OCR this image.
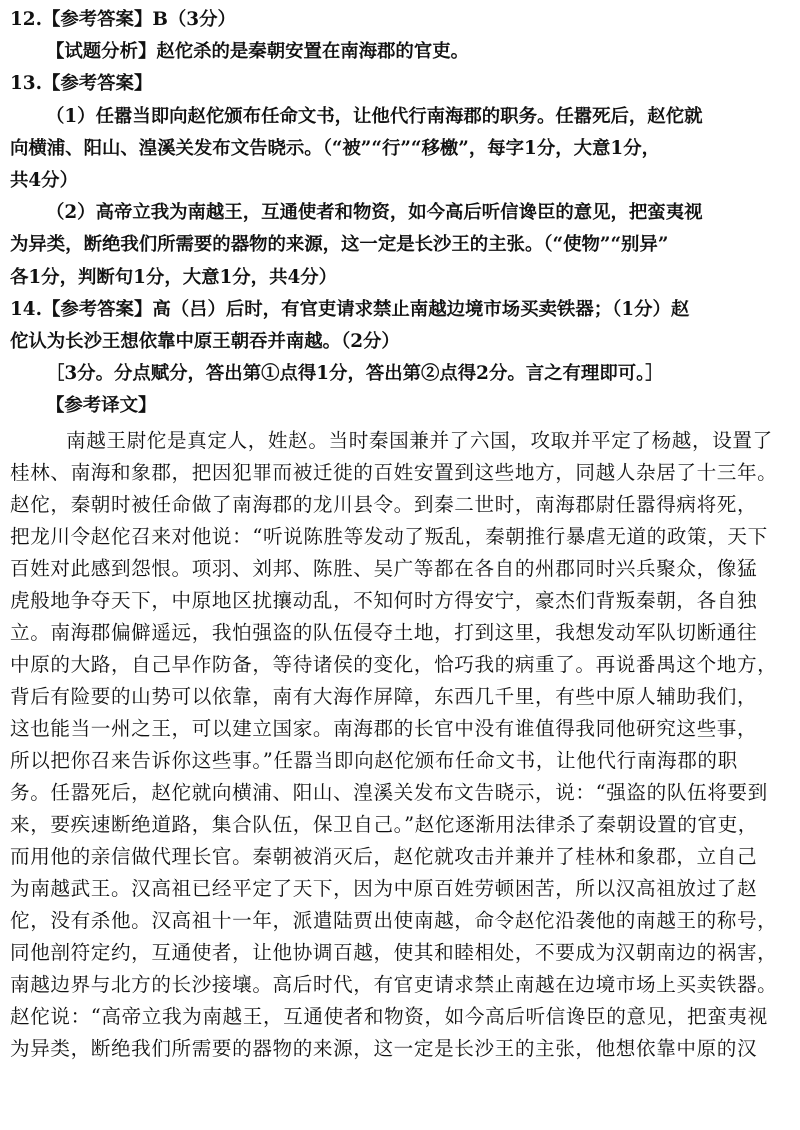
12.【参考答案】B（3分）

【试题分析】赵佗杀的是秦朝安置在南海郡的官吏。

13.【参考答案】

（1）任嚣当即向赵佗颁布任命文书，让他代行南海郡的职务。任嚣死后，赵佗就

向横浦、阳山、湟溪关发布文告晓示。（“被”“行”“移檄”，每字1分，大意1分，

共4分）

（2）高帝立我为南越王，互通使者和物资，如今高后听信谗臣的意见，把蛮夷视

为异类，断绝我们所需要的器物的来源，这一定是长沙王的主张。（“使物”“别异”

各1分，判断句1分，大意1分，共4分）

14.【参考答案】高（吕）后时，有官吏请求禁止南越边境市场买卖铁器；（1分）赵

佗认为长沙王想依靠中原王朝吞并南越。（2分）

［3分。分点赋分，答出第①点得1分，答出第②点得2分。言之有理即可。］

【参考译文】

南越王尉佗是真定人，姓赵。当时秦国兼并了六国，攻取并平定了杨越，设置了

桂林、南海和象郡，把因犯罪而被迁徙的百姓安置到这些地方，同越人杂居了十三年。

赵佗，秦朝时被任命做了南海郡的龙川县令。到秦二世时，南海郡尉任嚣得病将死，

把龙川令赵佗召来对他说：“听说陈胜等发动了叛乱，秦朝推行暴虐无道的政策，天下

百姓对此感到怨恨。项羽、刘邦、陈胜、吴广等都在各自的州郡同时兴兵聚众，像猛

虎般地争夺天下，中原地区扰攘动乱，不知何时方得安宁，豪杰们背叛秦朝，各自独

立。南海郡偏僻遥远，我怕强盗的队伍侵夺土地，打到这里，我想发动军队切断通往

中原的大路，自己早作防备，等待诸侯的变化，恰巧我的病重了。再说番禺这个地方，

背后有险要的山势可以依靠，南有大海作屏障，东西几千里，有些中原人辅助我们，

这也能当一州之王，可以建立国家。南海郡的长官中没有谁值得我同他研究这些事，

所以把你召来告诉你这些事。”任嚣当即向赵佗颁布任命文书，让他代行南海郡的职

务。任嚣死后，赵佗就向横浦、阳山、湟溪关发布文告晓示，说：“强盗的队伍将要到

来，要疾速断绝道路，集合队伍，保卫自己。”赵佗逐渐用法律杀了秦朝设置的官吏，

而用他的亲信做代理长官。秦朝被消灭后，赵佗就攻击并兼并了桂林和象郡，立自己

为南越武王。汉高祖已经平定了天下，因为中原百姓劳顿困苦，所以汉高祖放过了赵

佗，没有杀他。汉高祖十一年，派遣陆贾出使南越，命令赵佗沿袭他的南越王的称号，

同他剖符定约，互通使者，让他协调百越，使其和睦相处，不要成为汉朝南边的祸害，

南越边界与北方的长沙接壤。高后时代，有官吏请求禁止南越在边境市场上买卖铁器。

赵佗说：“高帝立我为南越王，互通使者和物资，如今高后听信谗臣的意见，把蛮夷视

为异类，断绝我们所需要的器物的来源，这一定是长沙王的主张，他想依靠中原的汉
